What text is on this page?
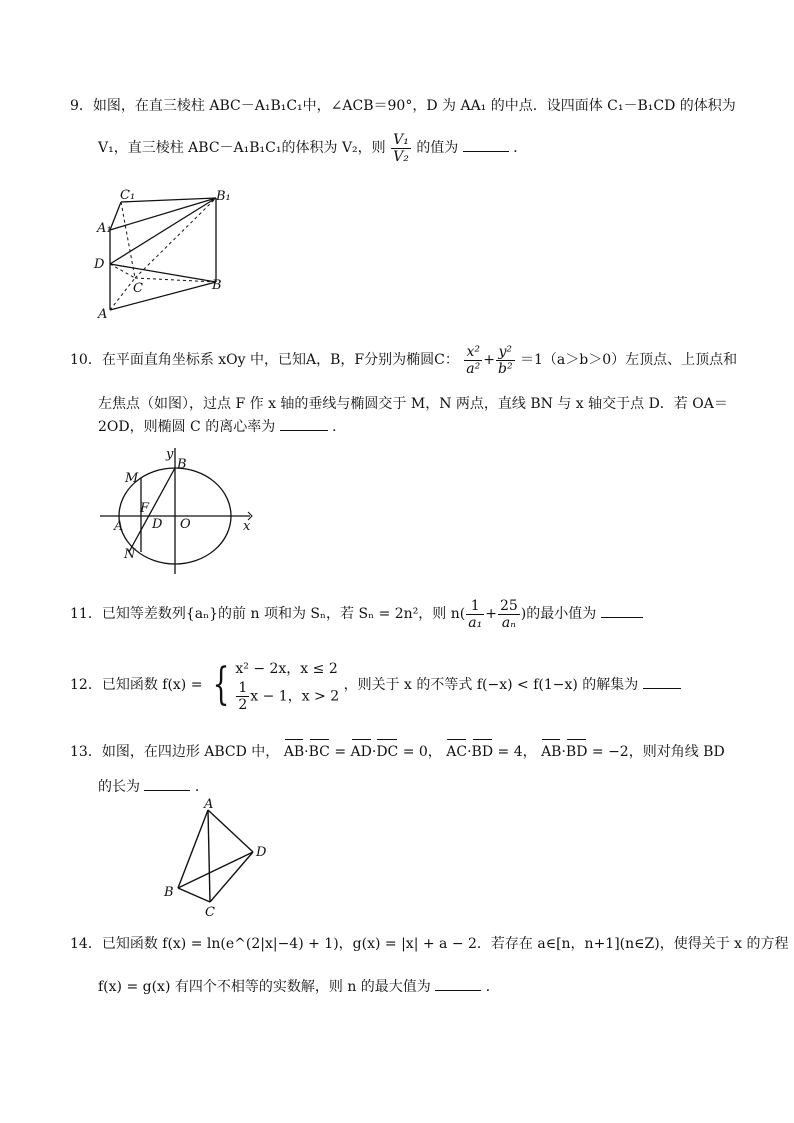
9．如图，在直三棱柱 ABC－A₁B₁C₁中，∠ACB＝90°，D 为 AA₁ 的中点．设四面体 C₁－B₁CD 的体积为
V₁，直三棱柱 ABC－A₁B₁C₁的体积为 V₂，则 $\frac{\text{V₁}}{\text{V₂}}$ 的值为	．
C₁	B₁
A₁
D
C	B
A
10．在平面直角坐标系 xOy 中，已知A，B，F分别为椭圆C： $\frac{\text{x²}}{\text{a²}} + \frac{\text{y²}}{\text{b²}} =1(a>b>0)$左顶点、上顶点和
左焦点（如图），过点 F 作 x 轴的垂线与椭圆交于 M，N 两点，直线 BN 与 x 轴交于点 D．若 OA＝
2OD，则椭圆 C 的离心率为	．
y
B
M
F
A D O	x
N
11．已知等差数列{aₙ}的前 n 项和为 Sₙ，若 Sₙ = 2n²，则 $n( \frac{1}{\text{a₁}} + \frac{25}{\text{aₙ}}$ )的最小值为
12．已知函数 f(x) = { x² − 2x，x ≤ 2
$\frac{1}{2}$ x − 1，x > 2
，则关于 x 的不等式 f(−x) < f(1−x) 的解集为
13．如图，在四边形 ABCD 中， AB·BC = AD·DC = 0， AC·BD = 4， AB·BD = −2，则对角线 BD
的长为	．
A
D
B
C
14．已知函数 f(x) = ln(e^(2|x|−4) + 1)，g(x) = |x| + a − 2．若存在 a∈[n，n+1](n∈Z)，使得关于 x 的方程
f(x) = g(x) 有四个不相等的实数解，则 n 的最大值为	．
